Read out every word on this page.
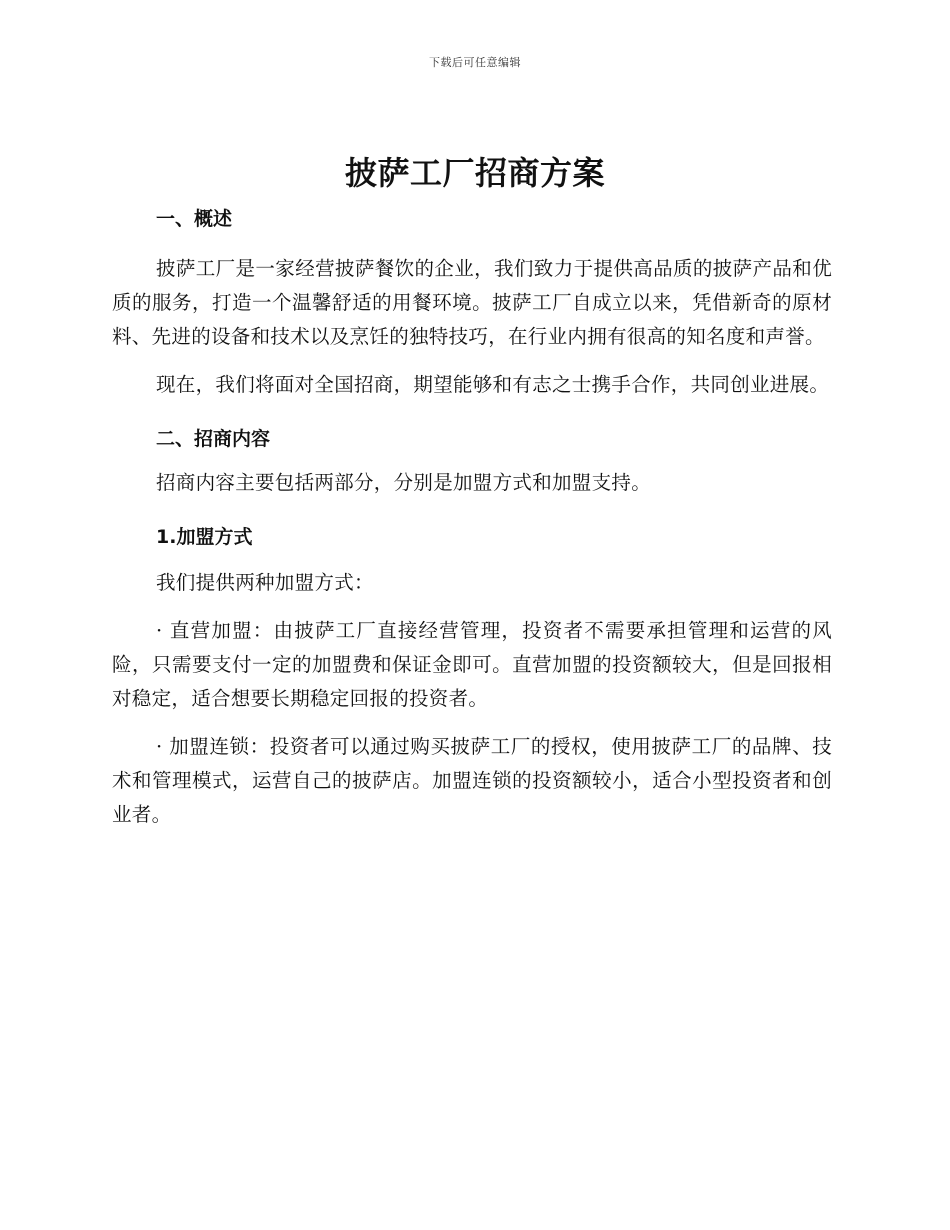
下载后可任意编辑
披萨工厂招商方案

一、概述

披萨工厂是一家经营披萨餐饮的企业，我们致力于提供高品质的披萨产品和优质的服务，打造一个温馨舒适的用餐环境。披萨工厂自成立以来，凭借新奇的原材料、先进的设备和技术以及烹饪的独特技巧，在行业内拥有很高的知名度和声誉。

现在，我们将面对全国招商，期望能够和有志之士携手合作，共同创业进展。

二、招商内容

招商内容主要包括两部分，分别是加盟方式和加盟支持。

1.加盟方式

我们提供两种加盟方式：

· 直营加盟：由披萨工厂直接经营管理，投资者不需要承担管理和运营的风险，只需要支付一定的加盟费和保证金即可。直营加盟的投资额较大，但是回报相对稳定，适合想要长期稳定回报的投资者。

· 加盟连锁：投资者可以通过购买披萨工厂的授权，使用披萨工厂的品牌、技术和管理模式，运营自己的披萨店。加盟连锁的投资额较小，适合小型投资者和创业者。
